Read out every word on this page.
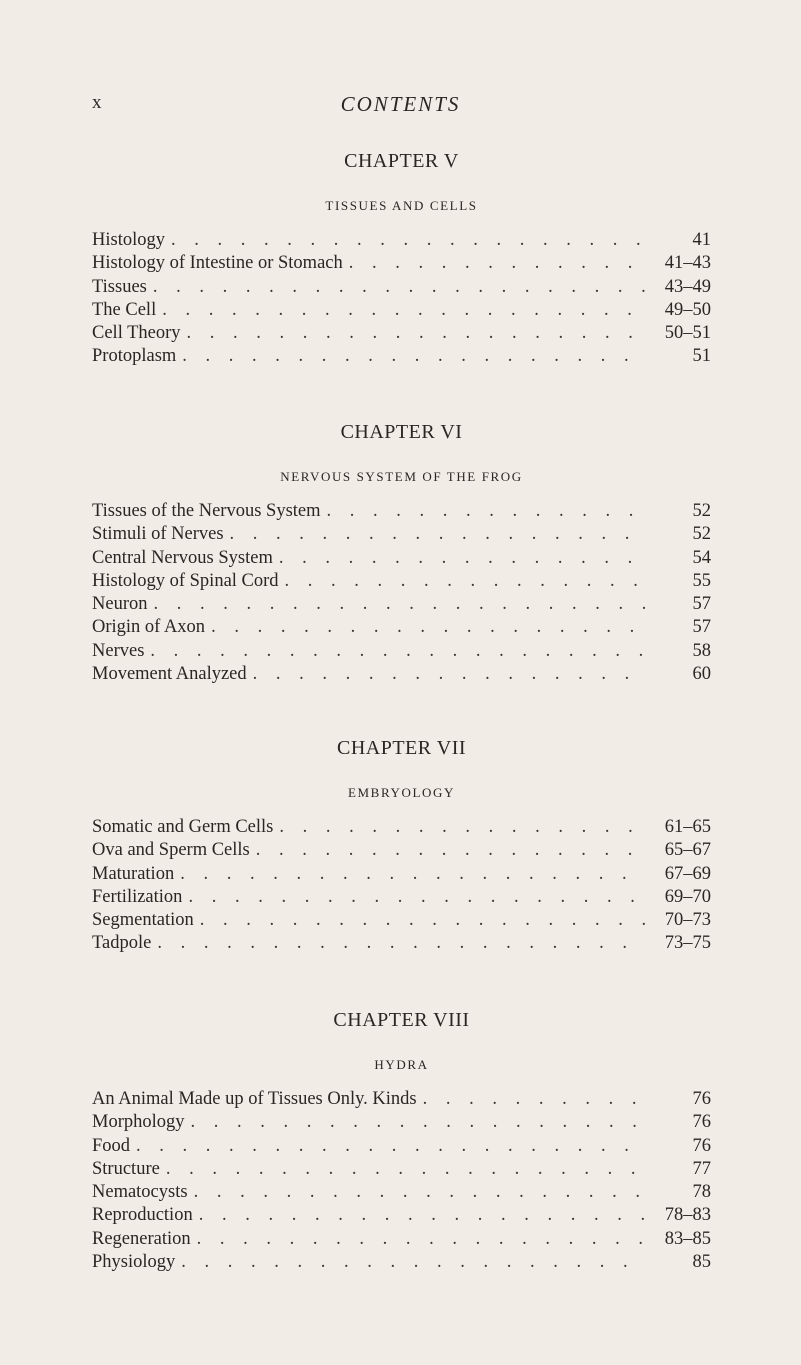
x	CONTENTS
CHAPTER V
TISSUES AND CELLS
Histology . . .	41
Histology of Intestine or Stomach . . .	41–43
Tissues . . .	43–49
The Cell . . .	49–50
Cell Theory . . .	50–51
Protoplasm . . .	51
CHAPTER VI
NERVOUS SYSTEM OF THE FROG
Tissues of the Nervous System . . .	52
Stimuli of Nerves . . .	52
Central Nervous System . . .	54
Histology of Spinal Cord . . .	55
Neuron . . .	57
Origin of Axon . . .	57
Nerves . . .	58
Movement Analyzed . . .	60
CHAPTER VII
EMBRYOLOGY
Somatic and Germ Cells . . .	61–65
Ova and Sperm Cells . . .	65–67
Maturation . . .	67–69
Fertilization . . .	69–70
Segmentation . . .	70–73
Tadpole . . .	73–75
CHAPTER VIII
HYDRA
An Animal Made up of Tissues Only. Kinds . . .	76
Morphology . . .	76
Food . . .	76
Structure . . .	77
Nematocysts . . .	78
Reproduction . . .	78–83
Regeneration . . .	83–85
Physiology . . .	85
